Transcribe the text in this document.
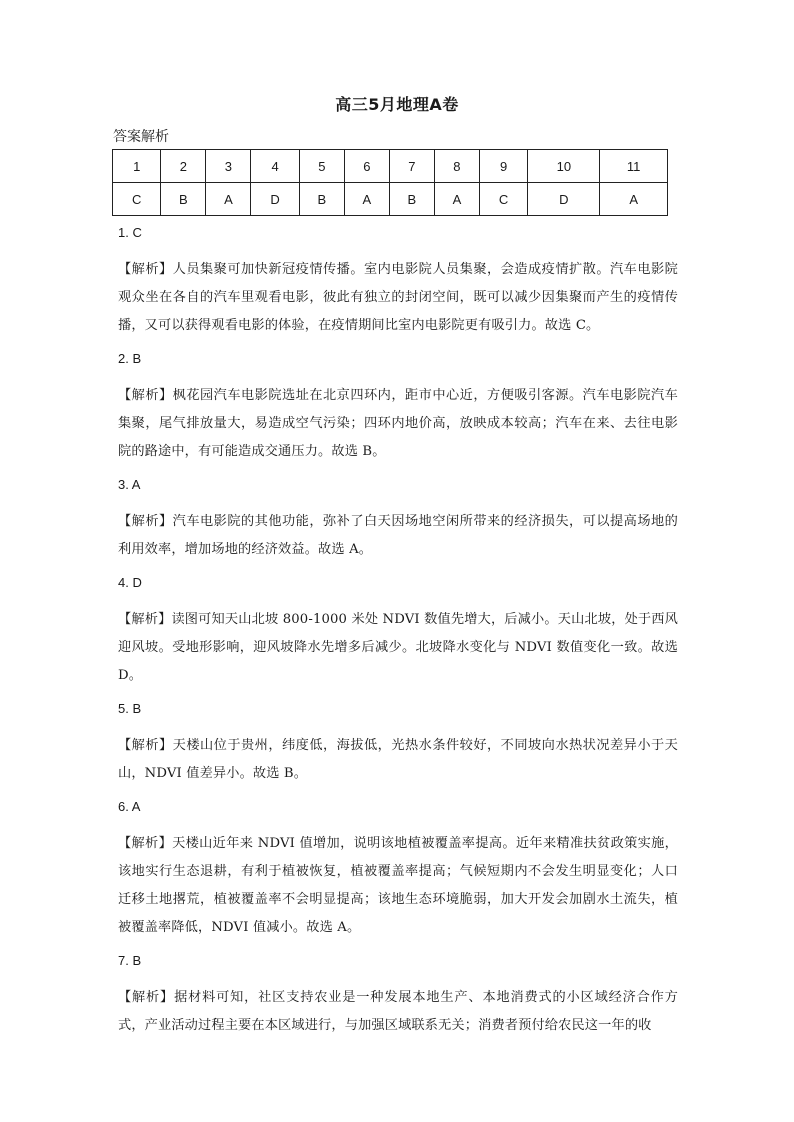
高三5月地理A卷
答案解析
1	2	3	4	5	6	7	8	9	10	11
C	B	A	D	B	A	B	A	C	D	A
1. C
【解析】人员集聚可加快新冠疫情传播。室内电影院人员集聚，会造成疫情扩散。汽车电影院观众坐在各自的汽车里观看电影，彼此有独立的封闭空间，既可以减少因集聚而产生的疫情传播，又可以获得观看电影的体验，在疫情期间比室内电影院更有吸引力。故选 C。
2. B
【解析】枫花园汽车电影院选址在北京四环内，距市中心近，方便吸引客源。汽车电影院汽车集聚，尾气排放量大，易造成空气污染；四环内地价高，放映成本较高；汽车在来、去往电影院的路途中，有可能造成交通压力。故选 B。
3. A
【解析】汽车电影院的其他功能，弥补了白天因场地空闲所带来的经济损失，可以提高场地的利用效率，增加场地的经济效益。故选 A。
4. D
【解析】读图可知天山北坡 800-1000 米处 NDVI 数值先增大，后减小。天山北坡，处于西风迎风坡。受地形影响，迎风坡降水先增多后减少。北坡降水变化与 NDVI 数值变化一致。故选 D。
5. B
【解析】天楼山位于贵州，纬度低，海拔低，光热水条件较好，不同坡向水热状况差异小于天山，NDVI 值差异小。故选 B。
6. A
【解析】天楼山近年来 NDVI 值增加，说明该地植被覆盖率提高。近年来精准扶贫政策实施，该地实行生态退耕，有利于植被恢复，植被覆盖率提高；气候短期内不会发生明显变化；人口迁移土地撂荒，植被覆盖率不会明显提高；该地生态环境脆弱，加大开发会加剧水土流失，植被覆盖率降低，NDVI 值减小。故选 A。
7. B
【解析】据材料可知，社区支持农业是一种发展本地生产、本地消费式的小区域经济合作方式，产业活动过程主要在本区域进行，与加强区域联系无关；消费者预付给农民这一年的收
